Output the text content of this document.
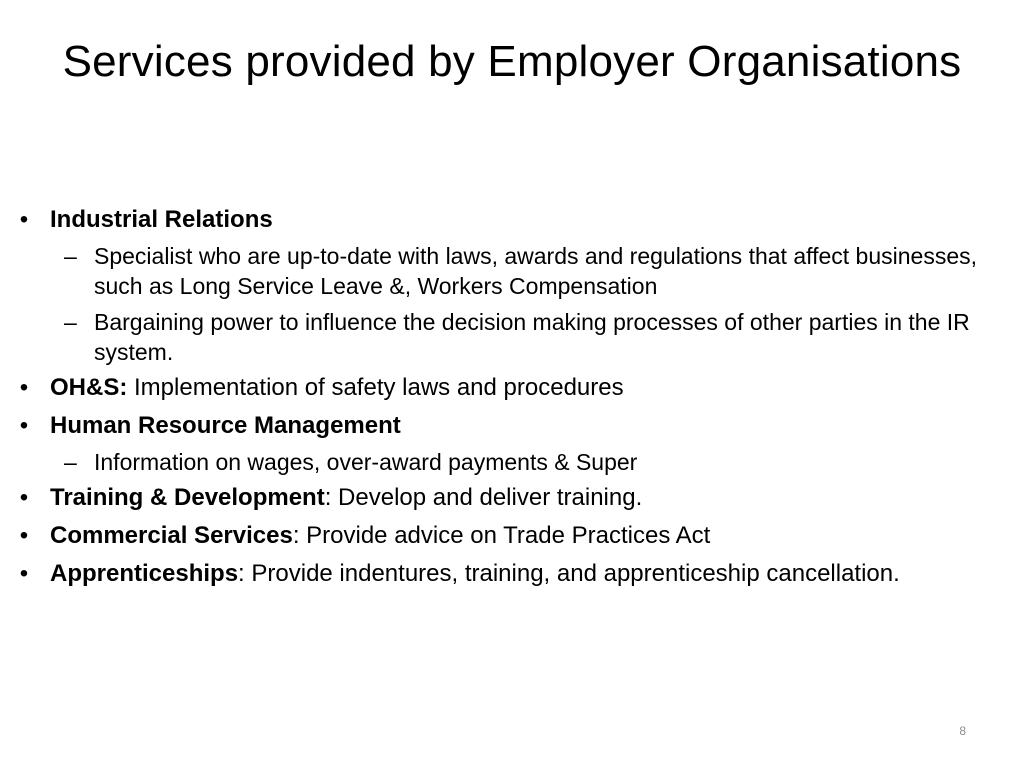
Services provided by Employer Organisations
• Industrial Relations
– Specialist who are up-to-date with laws, awards and regulations that affect businesses, such as Long Service Leave &, Workers Compensation
– Bargaining power to influence the decision making processes of other parties in the IR system.
• OH&S: Implementation of safety laws and procedures
• Human Resource Management
– Information on wages, over-award payments & Super
• Training & Development: Develop and deliver training.
• Commercial Services: Provide advice on Trade Practices Act
• Apprenticeships: Provide indentures, training, and apprenticeship cancellation.
8
